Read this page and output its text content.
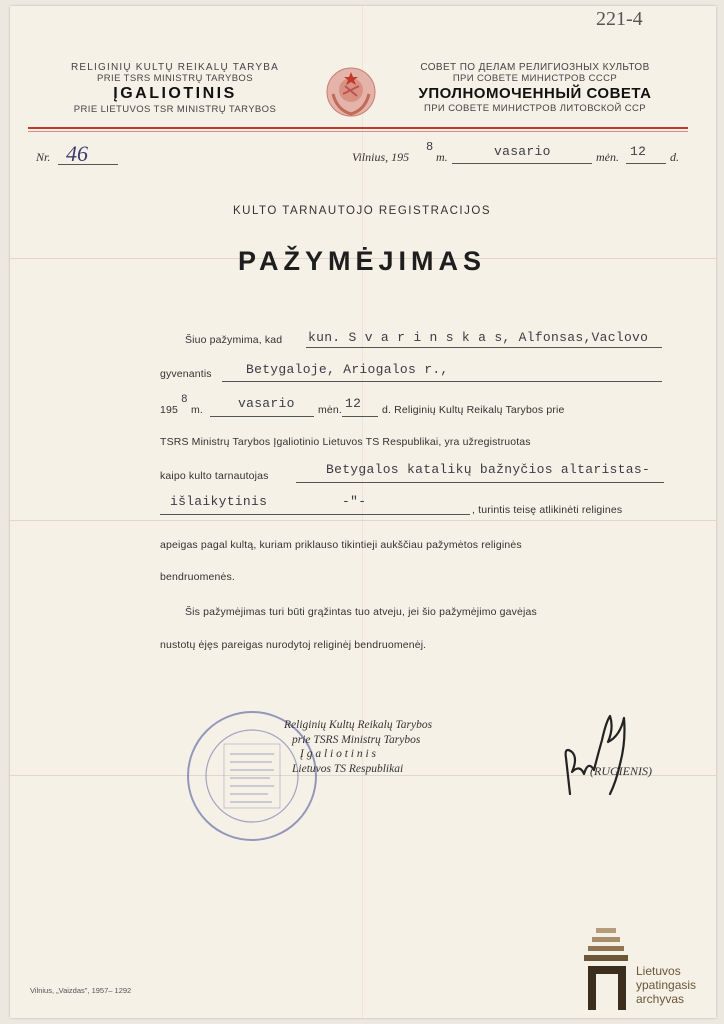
221-4
RELIGINIŲ KULTŲ REIKALŲ TARYBA
PRIE TSRS MINISTRŲ TARYBOS
ĮGALIOTINIS
PRIE LIETUVOS TSR MINISTRŲ TARYBOS
СОВЕТ ПО ДЕЛАМ РЕЛИГИОЗНЫХ КУЛЬТОВ
ПРИ СОВЕТЕ МИНИСТРОВ СССР
УПОЛНОМОЧЕННЫЙ СОВЕТА
ПРИ СОВЕТЕ МИНИСТРОВ ЛИТОВСКОЙ ССР
Nr. 46	Vilnius, 195
8
m.	vasario	mėn. 12 d.
KULTO TARNAUTOJO REGISTRACIJOS
PAŽYMĖJIMAS
Šiuo pažymima, kad kun. S v a r i n s k a s, Alfonsas,Vaclovo
gyvenantis	Betygaloje, Ariogalos r.,
195
8
m.	vasario mėn. 12 d. Religinių Kultų Reikalų Tarybos prie
TSRS Ministrų Tarybos Įgaliotinio Lietuvos TS Respublikai, yra užregistruotas
kaipo kulto tarnautojas	Betygalos katalikų bažnyčios altaristas-
išlaikytinis	-"-
, turintis teisę atlikinėti religines
apeigas pagal kultą, kuriam priklauso tikintieji aukščiau pažymėtos religinės
bendruomenės.
Šis pažymėjimas turi būti grąžintas tuo atveju, jei šio pažymėjimo gavėjas
nustotų ėjęs pareigas nurodytoj religinėj bendruomenėj.
Religinių Kultų Reikalų Tarybos
prie TSRS Ministrų Tarybos
Į g a l i o t i n i s
Lietuvos TS Respublikai	(RUGIENIS)
Vilnius, „Vaizdas", 1957– 1292
Lietuvos
ypatingasis
archyvas
